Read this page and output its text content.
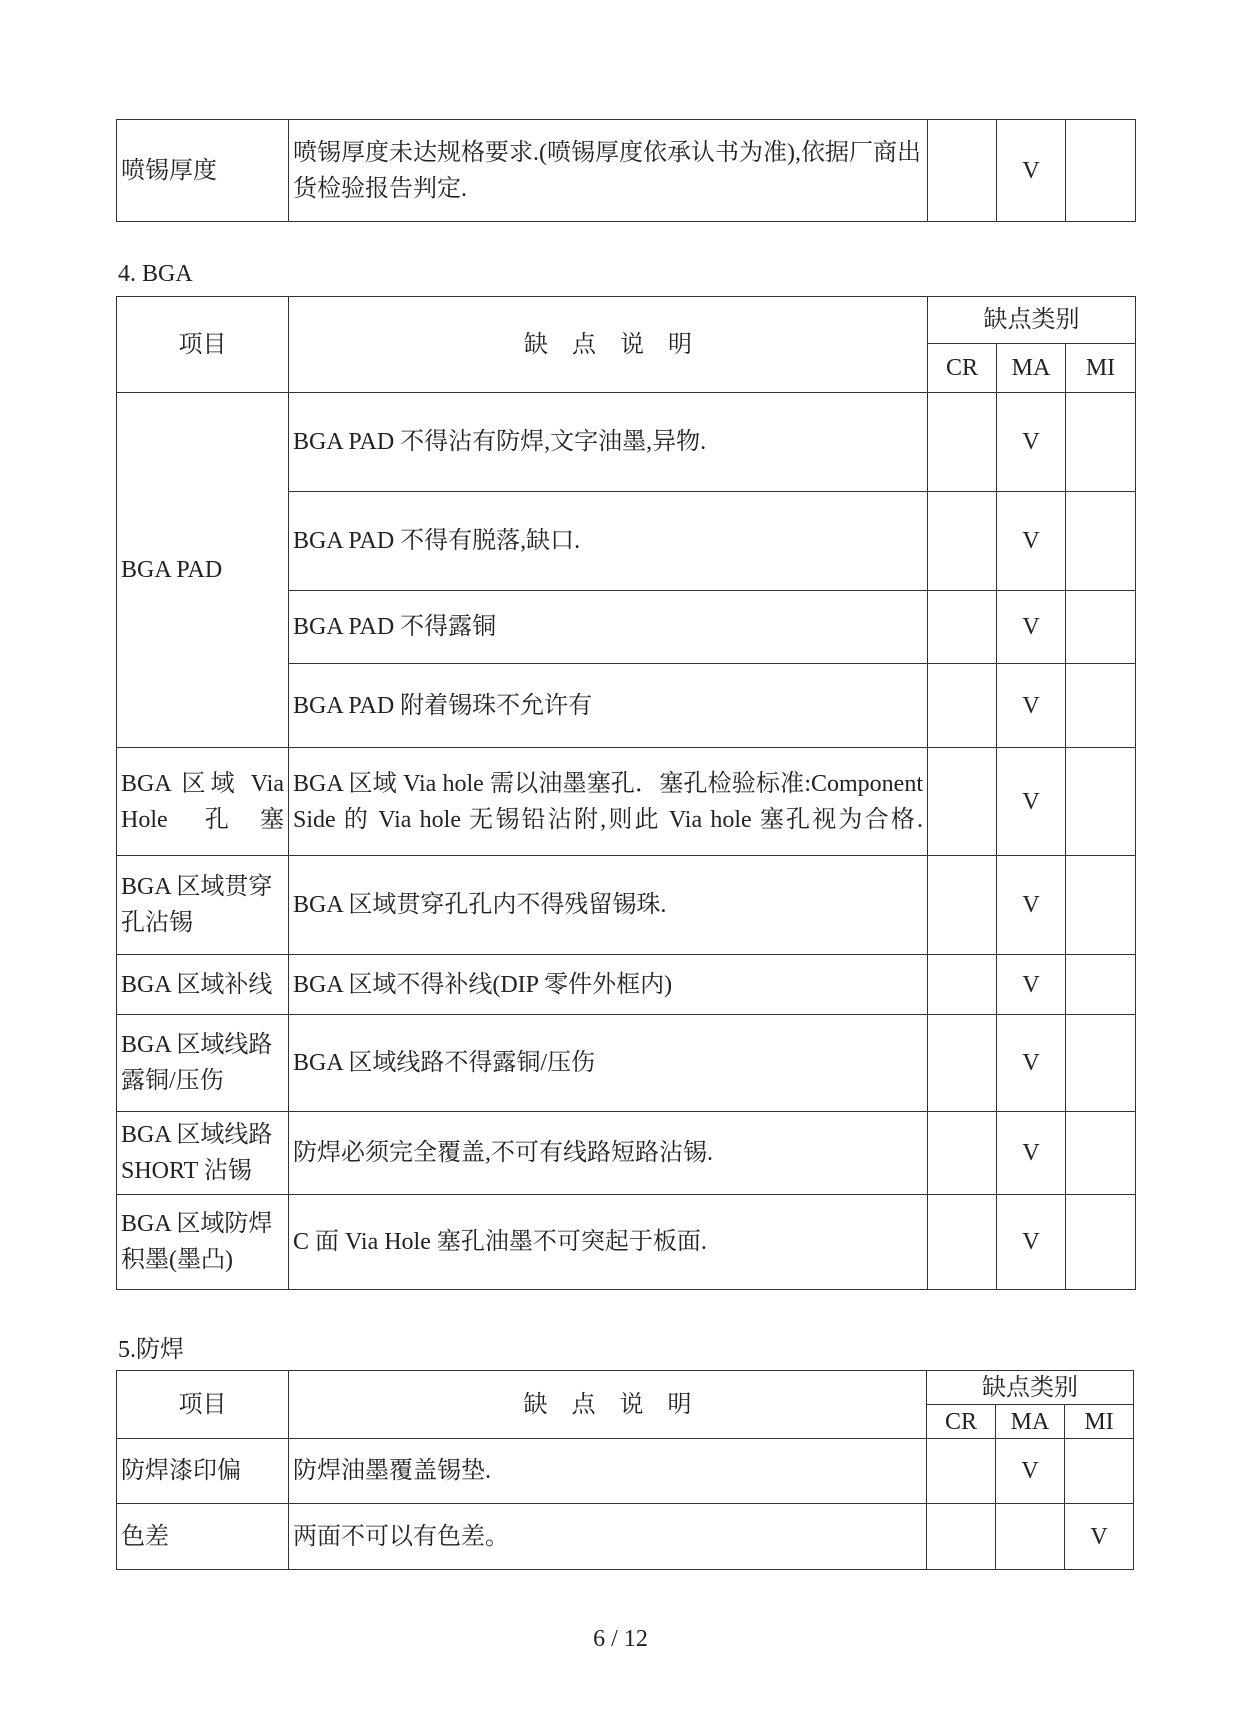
喷锡厚度	喷锡厚度未达规格要求.(喷锡厚度依承认书为准),依据厂商出货检验报告判定.		V	
4. BGA
项目	缺　点　说　明	缺点类别		
		CR	MA	MI
BGA PAD	BGA PAD 不得沾有防焊,文字油墨,异物.		V	
	BGA PAD 不得有脱落,缺口.		V	
	BGA PAD 不得露铜		V	
	BGA PAD 附着锡珠不允许有		V	
BGA 区域 Via Hole 孔塞	BGA 区域 Via hole 需以油墨塞孔．塞孔检验标准:Component　Side 的 Via hole 无锡铅沾附,则此 Via hole 塞孔视为合格.		V	
BGA 区域贯穿孔沾锡	BGA 区域贯穿孔孔内不得残留锡珠.		V	
BGA 区域补线	BGA 区域不得补线(DIP 零件外框内)		V	
BGA 区域线路露铜/压伤	BGA 区域线路不得露铜/压伤		V	
BGA 区域线路SHORT 沾锡	防焊必须完全覆盖,不可有线路短路沾锡.		V	
BGA 区域防焊积墨(墨凸)	C 面 Via Hole 塞孔油墨不可突起于板面.		V	
5.防焊
项目	缺　点　说　明	缺点类别		
		CR	MA	MI
防焊漆印偏	防焊油墨覆盖锡垫.		V	
色差	两面不可以有色差。			V
6 / 12
